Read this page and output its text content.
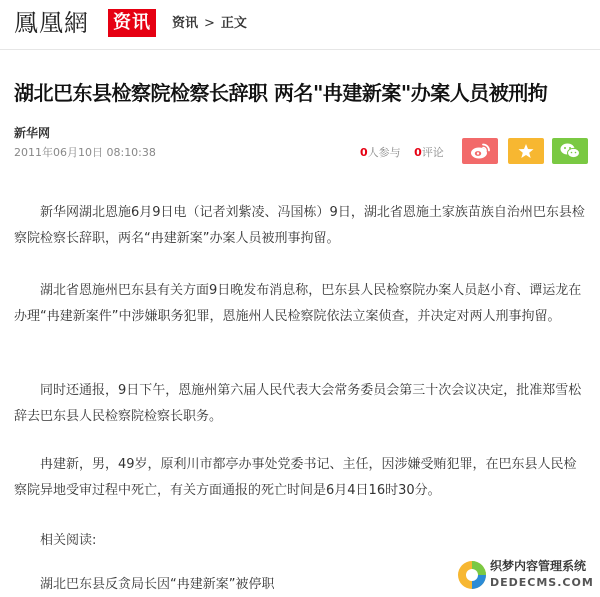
鳳凰網 资讯	资讯 > 正文
湖北巴东县检察院检察长辞职 两名"冉建新案"办案人员被刑拘
新华网
2011年06月10日 08:10:38	0人参与 0评论

新华网湖北恩施6月9日电（记者刘紫凌、冯国栋）9日，湖北省恩施土家族苗族自治州巴东县检察院检察长辞职，两名“冉建新案”办案人员被刑事拘留。

湖北省恩施州巴东县有关方面9日晚发布消息称，巴东县人民检察院办案人员赵小育、谭运龙在办理“冉建新案件”中涉嫌职务犯罪，恩施州人民检察院依法立案侦查，并决定对两人刑事拘留。

同时还通报，9日下午，恩施州第六届人民代表大会常务委员会第三十次会议决定，批准郑雪松辞去巴东县人民检察院检察长职务。

冉建新，男，49岁，原利川市都亭办事处党委书记、主任，因涉嫌受贿犯罪，在巴东县人民检察院异地受审过程中死亡，有关方面通报的死亡时间是6月4日16时30分。

相关阅读:

湖北巴东县反贪局长因“冉建新案”被停职

织梦内容管理系统
DEDECMS.COM
